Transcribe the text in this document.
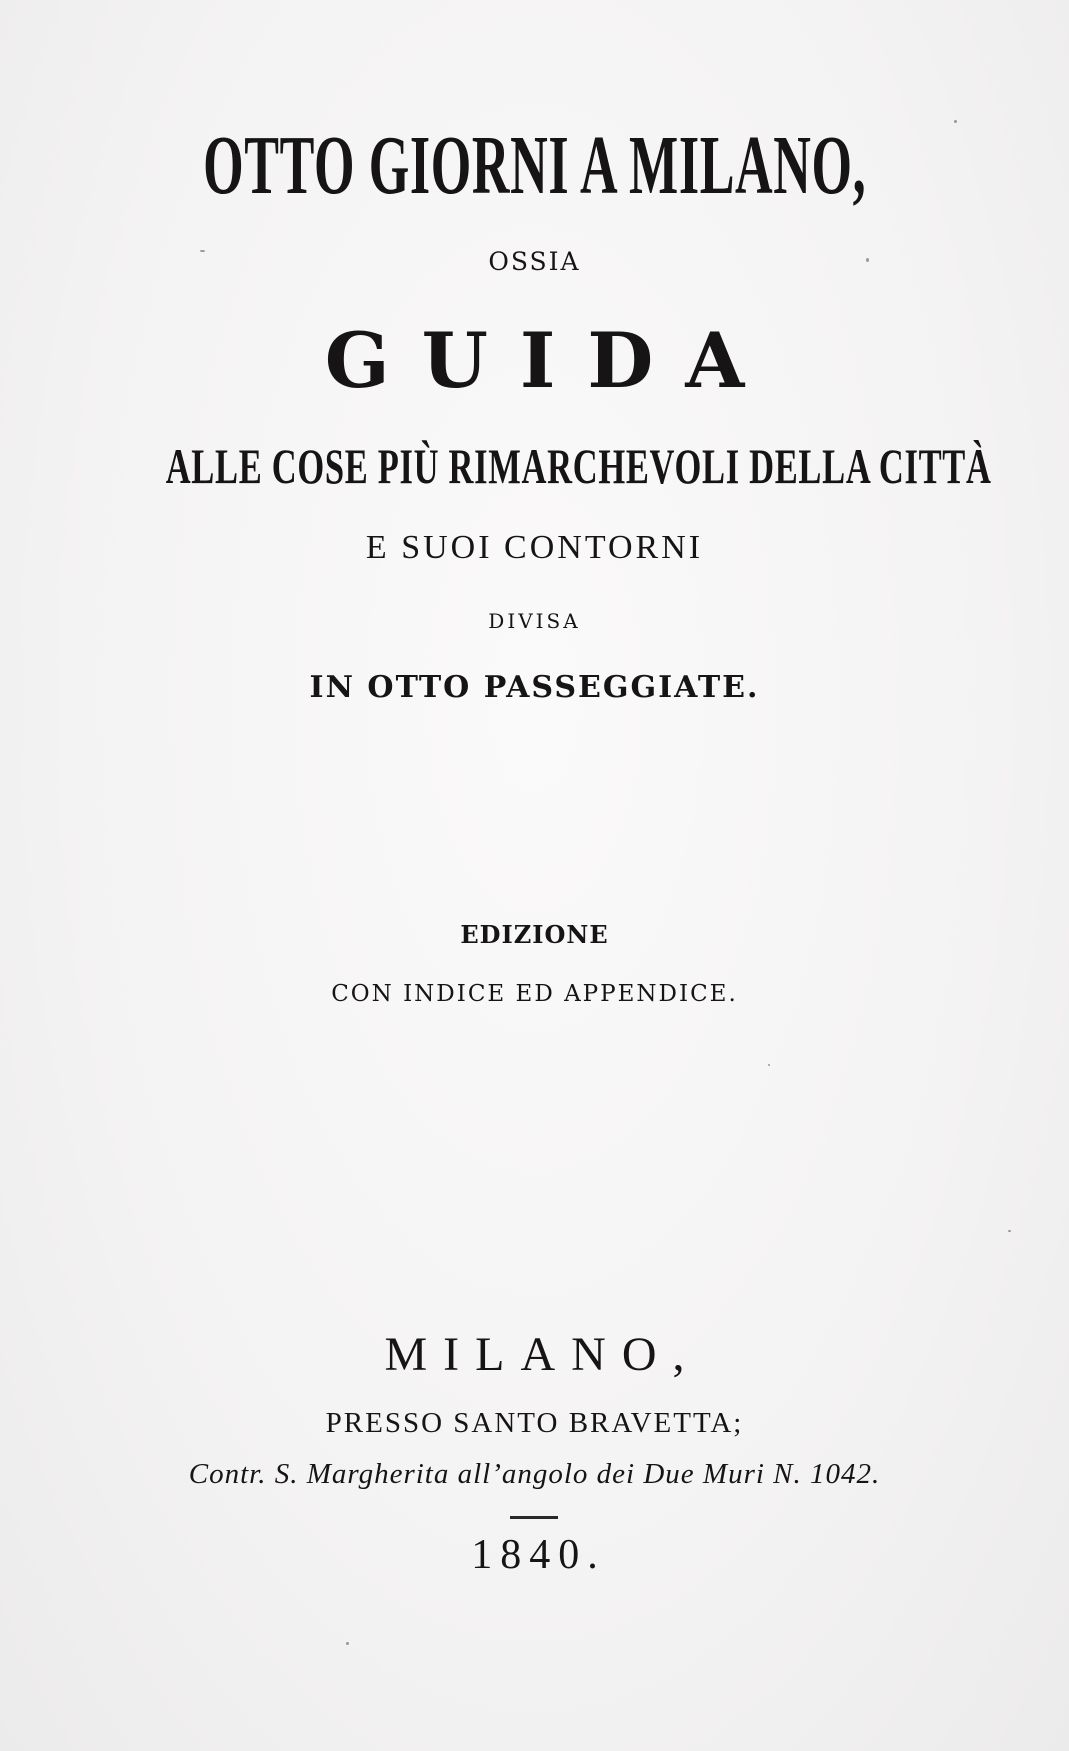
OTTO GIORNI A MILANO,

OSSIA

GUIDA

ALLE COSE PIÙ RIMARCHEVOLI DELLA CITTÀ

E SUOI CONTORNI

DIVISA

IN OTTO PASSEGGIATE.

EDIZIONE

CON INDICE ED APPENDICE.

MILANO,

PRESSO SANTO BRAVETTA;

Contr. S. Margherita all’angolo dei Due Muri N. 1042.

1840.
